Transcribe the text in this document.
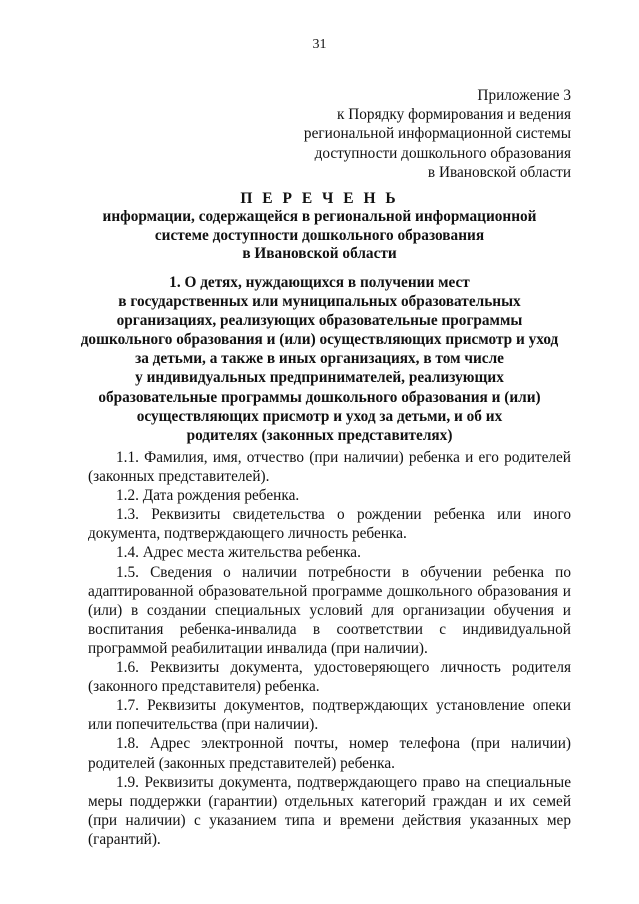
31
Приложение 3
к Порядку формирования и ведения
региональной информационной системы
доступности дошкольного образования
в Ивановской области
П Е Р Е Ч Е Н Ь
информации, содержащейся в региональной информационной
системе доступности дошкольного образования
в Ивановской области
1. О детях, нуждающихся в получении мест
в государственных или муниципальных образовательных
организациях, реализующих образовательные программы
дошкольного образования и (или) осуществляющих присмотр и уход
за детьми, а также в иных организациях, в том числе
у индивидуальных предпринимателей, реализующих
образовательные программы дошкольного образования и (или)
осуществляющих присмотр и уход за детьми, и об их
родителях (законных представителях)
1.1. Фамилия, имя, отчество (при наличии) ребенка и его родителей
(законных представителей).
1.2. Дата рождения ребенка.
1.3. Реквизиты свидетельства о рождении ребенка или иного
документа, подтверждающего личность ребенка.
1.4. Адрес места жительства ребенка.
1.5. Сведения о наличии потребности в обучении ребенка по
адаптированной образовательной программе дошкольного образования и
(или) в создании специальных условий для организации обучения и
воспитания ребенка-инвалида в соответствии с индивидуальной
программой реабилитации инвалида (при наличии).
1.6. Реквизиты документа, удостоверяющего личность родителя
(законного представителя) ребенка.
1.7. Реквизиты документов, подтверждающих установление опеки
или попечительства (при наличии).
1.8. Адрес электронной почты, номер телефона (при наличии)
родителей (законных представителей) ребенка.
1.9. Реквизиты документа, подтверждающего право на специальные
меры поддержки (гарантии) отдельных категорий граждан и их семей
(при наличии) с указанием типа и времени действия указанных мер
(гарантий).
